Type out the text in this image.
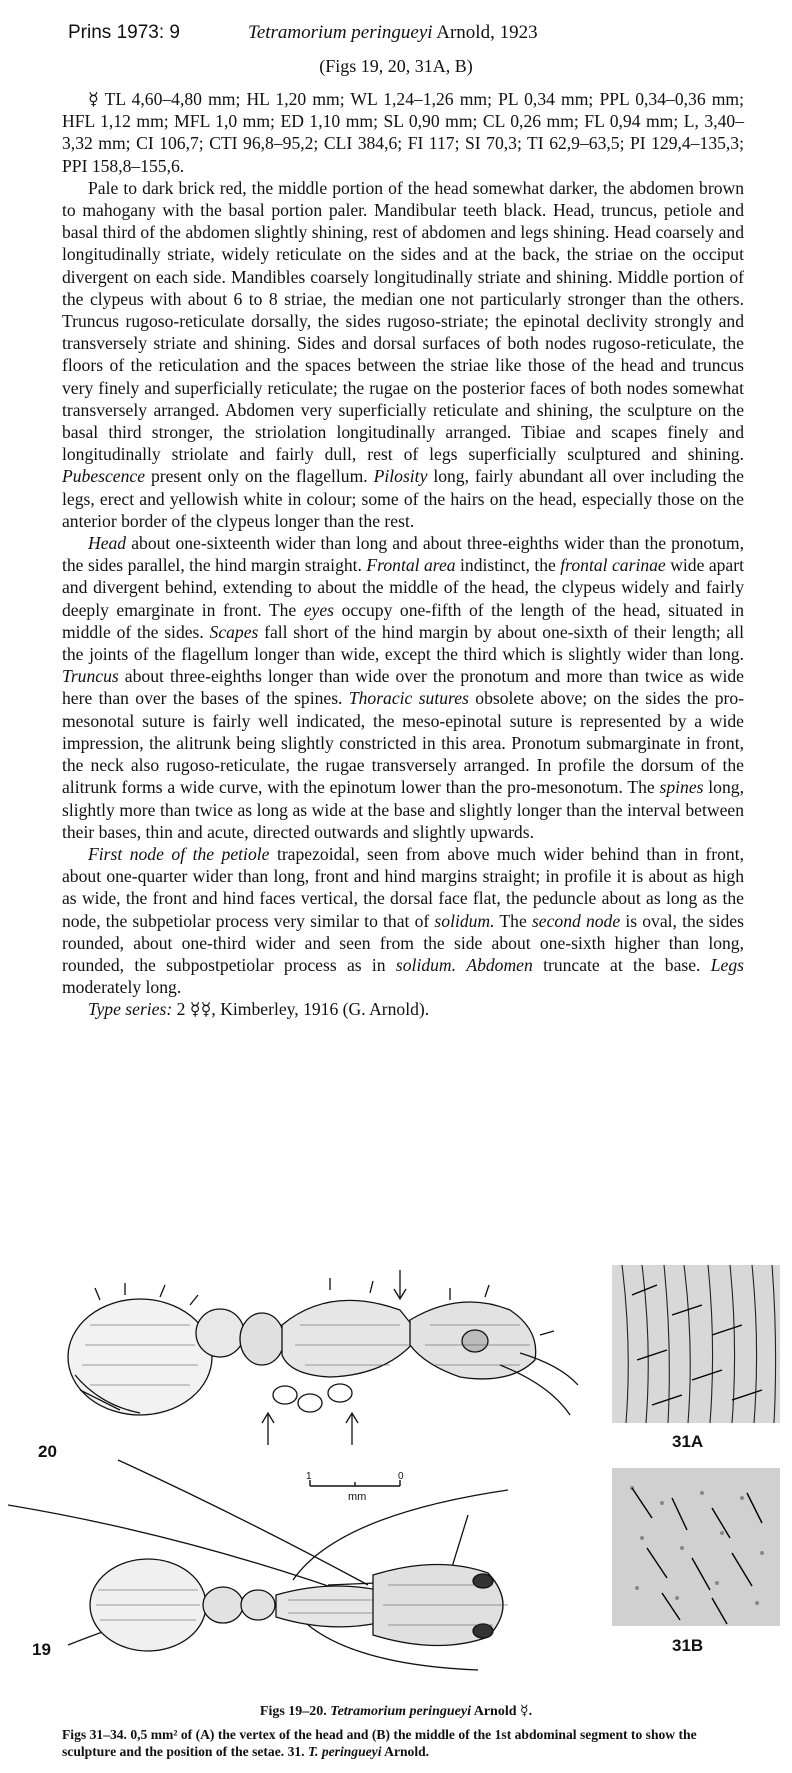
Prins 1973: 9	Tetramorium peringueyi Arnold, 1923
(Figs 19, 20, 31A, B)

☿ TL 4,60–4,80 mm; HL 1,20 mm; WL 1,24–1,26 mm; PL 0,34 mm; PPL 0,34–0,36 mm; HFL 1,12 mm; MFL 1,0 mm; ED 1,10 mm; SL 0,90 mm; CL 0,26 mm; FL 0,94 mm; L, 3,40–3,32 mm; CI 106,7; CTI 96,8–95,2; CLI 384,6; FI 117; SI 70,3; TI 62,9–63,5; PI 129,4–135,3; PPI 158,8–155,6.

Pale to dark brick red, the middle portion of the head somewhat darker, the abdomen brown to mahogany with the basal portion paler. Mandibular teeth black. Head, truncus, petiole and basal third of the abdomen slightly shining, rest of abdomen and legs shining. Head coarsely and longitudinally striate, widely reticulate on the sides and at the back, the striae on the occiput divergent on each side. Mandibles coarsely longitudinally striate and shining. Middle portion of the clypeus with about 6 to 8 striae, the median one not particularly stronger than the others. Truncus rugoso-reticulate dorsally, the sides rugoso-striate; the epinotal declivity strongly and transversely striate and shining. Sides and dorsal surfaces of both nodes rugoso-reticulate, the floors of the reticulation and the spaces between the striae like those of the head and truncus very finely and superficially reticulate; the rugae on the posterior faces of both nodes somewhat transversely arranged. Abdomen very superficially reticulate and shining, the sculpture on the basal third stronger, the striolation longitudinally arranged. Tibiae and scapes finely and longitudinally striolate and fairly dull, rest of legs superficially sculptured and shining. Pubescence present only on the flagellum. Pilosity long, fairly abundant all over including the legs, erect and yellowish white in colour; some of the hairs on the head, especially those on the anterior border of the clypeus longer than the rest.

Head about one-sixteenth wider than long and about three-eighths wider than the pronotum, the sides parallel, the hind margin straight. Frontal area indistinct, the frontal carinae wide apart and divergent behind, extending to about the middle of the head, the clypeus widely and fairly deeply emarginate in front. The eyes occupy one-fifth of the length of the head, situated in middle of the sides. Scapes fall short of the hind margin by about one-sixth of their length; all the joints of the flagellum longer than wide, except the third which is slightly wider than long. Truncus about three-eighths longer than wide over the pronotum and more than twice as wide here than over the bases of the spines. Thoracic sutures obsolete above; on the sides the pro-mesonotal suture is fairly well indicated, the meso-epinotal suture is represented by a wide impression, the alitrunk being slightly constricted in this area. Pronotum submarginate in front, the neck also rugoso-reticulate, the rugae transversely arranged. In profile the dorsum of the alitrunk forms a wide curve, with the epinotum lower than the pro-mesonotum. The spines long, slightly more than twice as long as wide at the base and slightly longer than the interval between their bases, thin and acute, directed outwards and slightly upwards.

First node of the petiole trapezoidal, seen from above much wider behind than in front, about one-quarter wider than long, front and hind margins straight; in profile it is about as high as wide, the front and hind faces vertical, the dorsal face flat, the peduncle about as long as the node, the subpetiolar process very similar to that of solidum. The second node is oval, the sides rounded, about one-third wider and seen from the side about one-sixth higher than long, rounded, the subpostpetiolar process as in solidum. Abdomen truncate at the base. Legs moderately long.

Type series: 2 ☿☿, Kimberley, 1916 (G. Arnold).

20
1	0
mm
19
31A
31B
Figs 19–20. Tetramorium peringueyi Arnold ☿.
Figs 31–34. 0,5 mm² of (A) the vertex of the head and (B) the middle of the 1st abdominal segment to show the sculpture and the position of the setae. 31. T. peringueyi Arnold.
